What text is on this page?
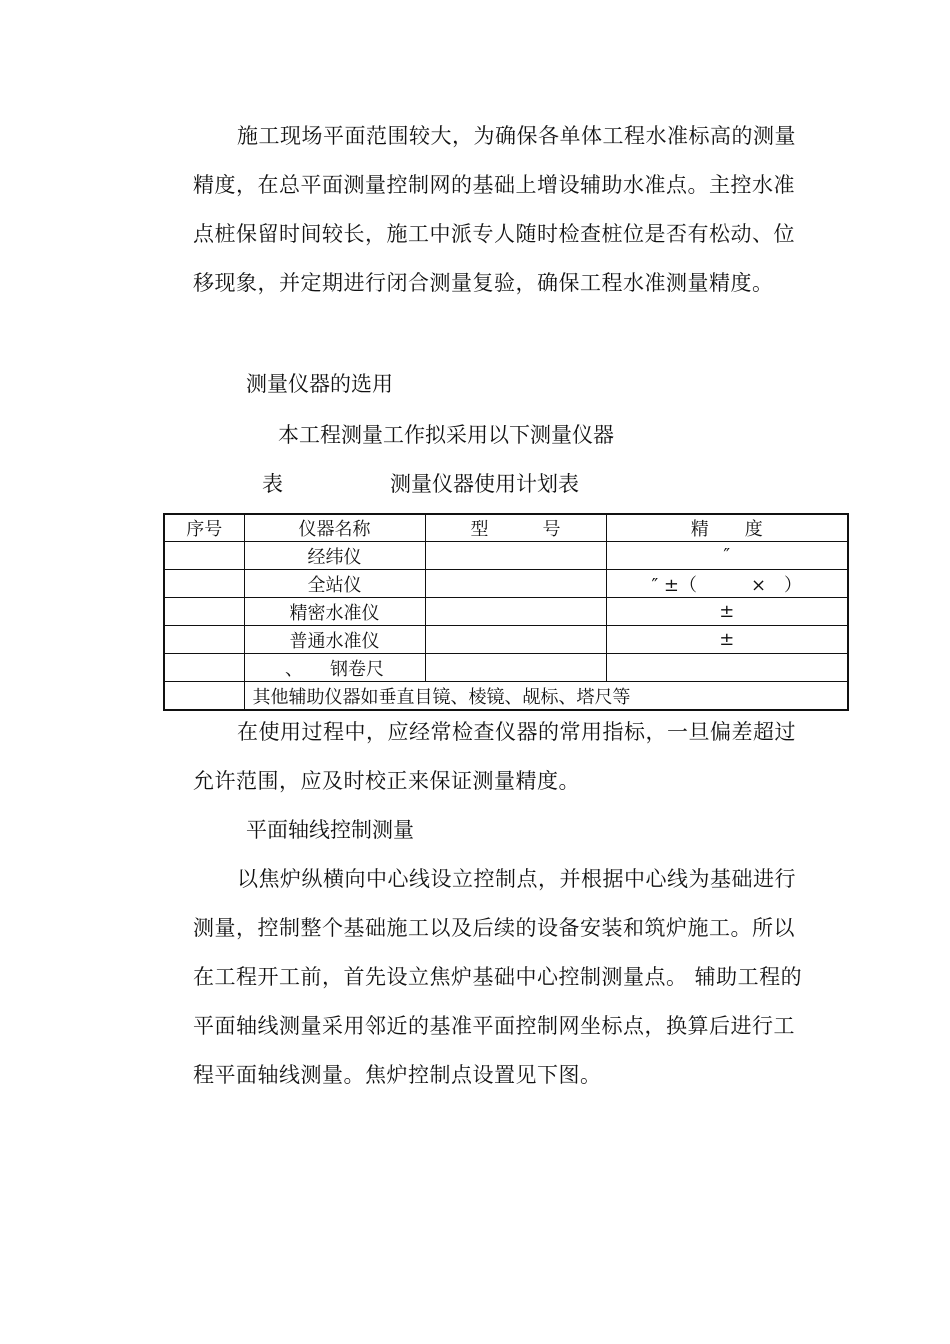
施工现场平面范围较大，为确保各单体工程水准标高的测量精度，在总平面测量控制网的基础上增设辅助水准点。主控水准点桩保留时间较长，施工中派专人随时检查桩位是否有松动、位移现象，并定期进行闭合测量复验，确保工程水准测量精度。

测量仪器的选用

本工程测量工作拟采用以下测量仪器

表	测量仪器使用计划表

序号	仪器名称	型　　　号	精　　度
	经纬仪		″
	全站仪		″ ±（　　　×　）
	精密水准仪		±
	普通水准仪		±
	、　　钢卷尺		
	其他辅助仪器如垂直目镜、棱镜、觇标、塔尺等		

在使用过程中，应经常检查仪器的常用指标，一旦偏差超过允许范围，应及时校正来保证测量精度。

平面轴线控制测量

以焦炉纵横向中心线设立控制点，并根据中心线为基础进行测量，控制整个基础施工以及后续的设备安装和筑炉施工。所以在工程开工前，首先设立焦炉基础中心控制测量点。 辅助工程的平面轴线测量采用邻近的基准平面控制网坐标点，换算后进行工程平面轴线测量。焦炉控制点设置见下图。
